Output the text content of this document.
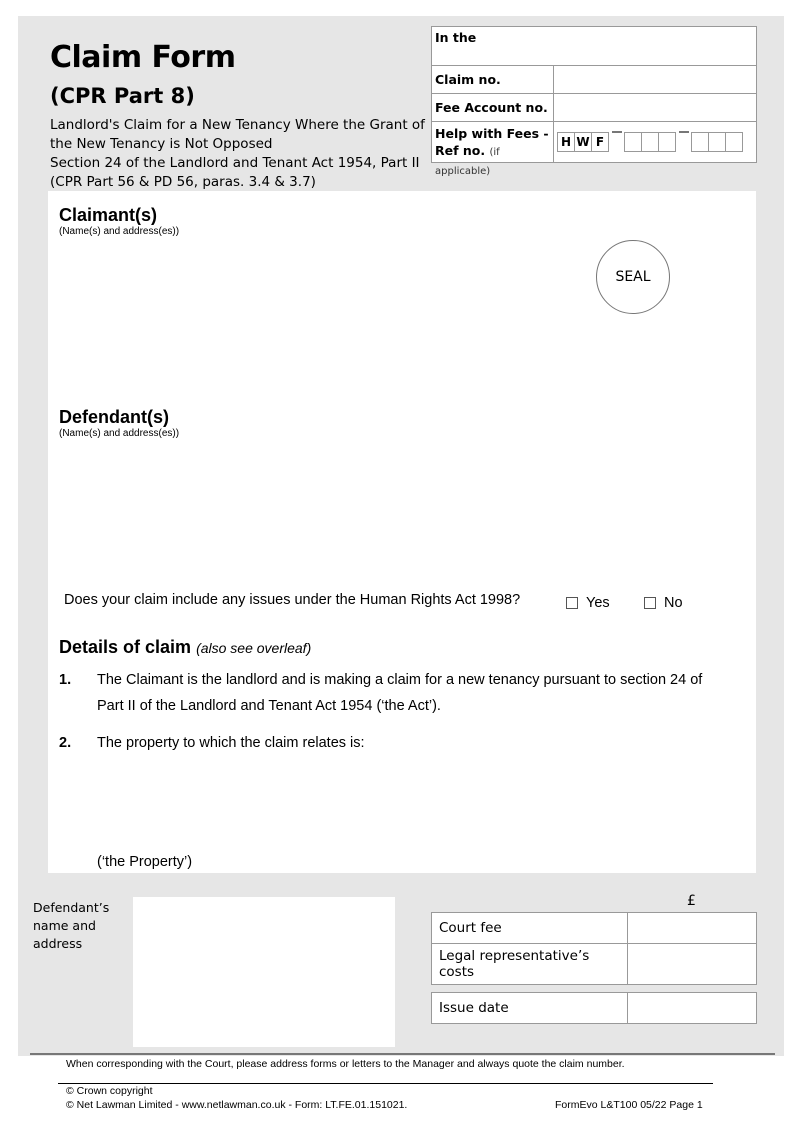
Claim Form
(CPR Part 8)
Landlord's Claim for a New Tenancy Where the Grant of
the New Tenancy is Not Opposed
Section 24 of the Landlord and Tenant Act 1954, Part II
(CPR Part 56 & PD 56, paras. 3.4 & 3.7)
In the
Claim no.
Fee Account no.
Help with Fees -
Ref no. (if applicable)
H W F
Claimant(s)
(Name(s) and address(es))
SEAL
Defendant(s)
(Name(s) and address(es))
Does your claim include any issues under the Human Rights Act 1998?	Yes	No
Details of claim (also see overleaf)
1. The Claimant is the landlord and is making a claim for a new tenancy pursuant to section 24 of
Part II of the Landlord and Tenant Act 1954 (‘the Act’).
2. The property to which the claim relates is:
(‘the Property’)
Defendant’s name and address
£
Court fee
Legal representative’s costs
Issue date
When corresponding with the Court, please address forms or letters to the Manager and always quote the claim number.
© Crown copyright
© Net Lawman Limited - www.netlawman.co.uk - Form: LT.FE.01.151021.	FormEvo L&T100 05/22 Page 1
